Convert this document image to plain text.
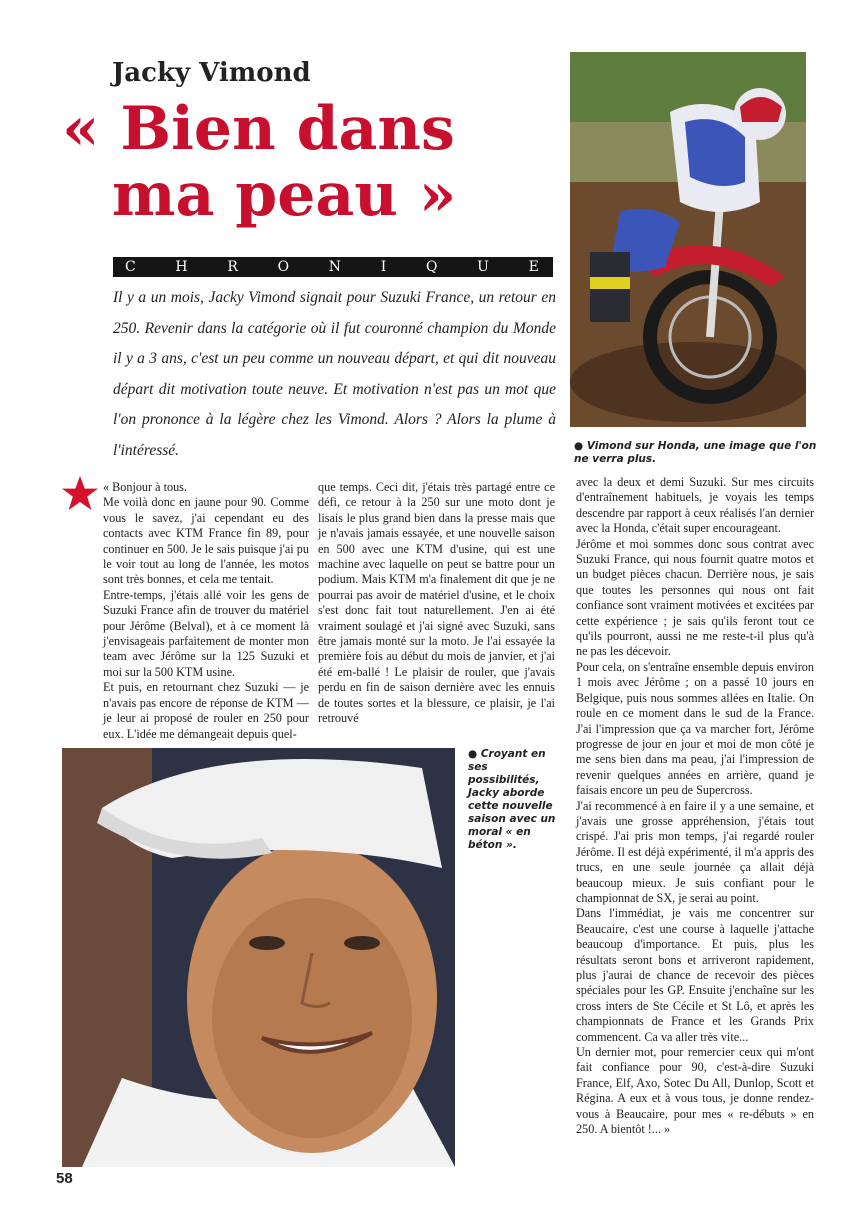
Jacky Vimond
« Bien dans
ma peau »
C	H	R	O	N	I	Q	U	E
Il y a un mois, Jacky Vimond signait pour Suzuki France, un retour en 250. Revenir dans la catégorie où il fut couronné champion du Monde il y a 3 ans, c'est un peu comme un nouveau départ, et qui dit nouveau départ dit motivation toute neuve. Et motivation n'est pas un mot que l'on prononce à la légère chez les Vimond. Alors ? Alors la plume à l'intéressé.	● Vimond sur Honda, une image que l'on ne verra plus.

« Bonjour à tous.

Me voilà donc en jaune pour 90. Comme vous le savez, j'ai cependant eu des contacts avec KTM France fin 89, pour continuer en 500. Je le sais puisque j'ai pu le voir tout au long de l'année, les motos sont très bonnes, et cela me tentait.

Entre-temps, j'étais allé voir les gens de Suzuki France afin de trouver du matériel pour Jérôme (Belval), et à ce moment là j'envisageais parfaitement de monter mon team avec Jérôme sur la 125 Suzuki et moi sur la 500 KTM usine.

Et puis, en retournant chez Suzuki — je n'avais pas encore de réponse de KTM — je leur ai proposé de rouler en 250 pour eux. L'idée me démangeait depuis quel-

que temps. Ceci dit, j'étais très partagé entre ce défi, ce retour à la 250 sur une moto dont je lisais le plus grand bien dans la presse mais que je n'avais jamais essayée, et une nouvelle saison en 500 avec une KTM d'usine, qui est une machine avec laquelle on peut se battre pour un podium. Mais KTM m'a finalement dit que je ne pourrai pas avoir de matériel d'usine, et le choix s'est donc fait tout naturellement. J'en ai été vraiment soulagé et j'ai signé avec Suzuki, sans être jamais monté sur la moto. Je l'ai essayée la première fois au début du mois de janvier, et j'ai été em-ballé ! Le plaisir de rouler, que j'avais perdu en fin de saison dernière avec les ennuis de toutes sortes et la blessure, ce plaisir, je l'ai retrouvé

avec la deux et demi Suzuki. Sur mes circuits d'entraînement habituels, je voyais les temps descendre par rapport à ceux réalisés l'an dernier avec la Honda, c'était super encourageant.

Jérôme et moi sommes donc sous contrat avec Suzuki France, qui nous fournit quatre motos et un budget pièces chacun. Derrière nous, je sais que toutes les personnes qui nous ont fait confiance sont vraiment motivées et excitées par cette expérience ; je sais qu'ils feront tout ce qu'ils pourront, aussi ne me reste-t-il plus qu'à ne pas les décevoir.

Pour cela, on s'entraîne ensemble depuis environ 1 mois avec Jérôme ; on a passé 10 jours en Belgique, puis nous sommes allées en Italie. On roule en ce moment dans le sud de la France. J'ai l'impression que ça va marcher fort, Jérôme progresse de jour en jour et moi de mon côté je me sens bien dans ma peau, j'ai l'impression de revenir quelques années en arrière, quand je faisais encore un peu de Supercross.

J'ai recommencé à en faire il y a une semaine, et j'avais une grosse appréhension, j'étais tout crispé. J'ai pris mon temps, j'ai regardé rouler Jérôme. Il est déjà expérimenté, il m'a appris des trucs, en une seule journée ça allait déjà beaucoup mieux. Je suis confiant pour le championnat de SX, je serai au point.

Dans l'immédiat, je vais me concentrer sur Beaucaire, c'est une course à laquelle j'attache beaucoup d'importance. Et puis, plus les résultats seront bons et arriveront rapidement, plus j'aurai de chance de recevoir des pièces spéciales pour les GP. Ensuite j'enchaîne sur les cross inters de Ste Cécile et St Lô, et après les championnats de France et les Grands Prix commencent. Ca va aller très vite...

Un dernier mot, pour remercier ceux qui m'ont fait confiance pour 90, c'est-à-dire Suzuki France, Elf, Axo, Sotec Du All, Dunlop, Scott et Régina. A eux et à vous tous, je donne rendez-vous à Beaucaire, pour mes « re-débuts » en 250. A bientôt !... »

● Croyant en ses possibilités, Jacky aborde cette nouvelle saison avec un moral « en béton ».
58
